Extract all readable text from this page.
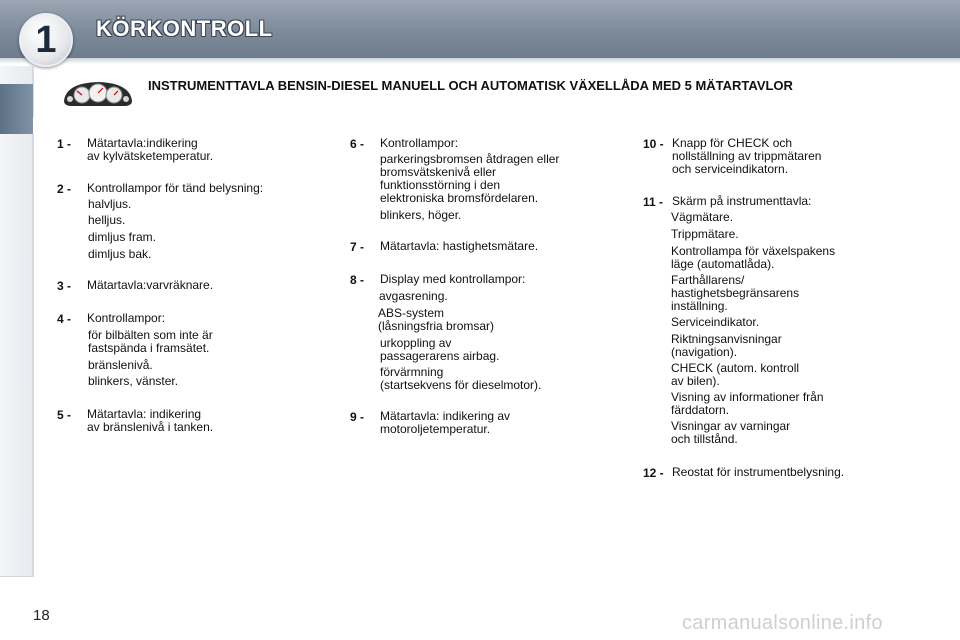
1 KÖRKONTROLL
INSTRUMENTTAVLA BENSIN-DIESEL MANUELL OCH AUTOMATISK VÄXELLÅDA MED 5 MÄTARTAVLOR
1 - Mätartavla:indikering
av kylvätsketemperatur.
2 - Kontrollampor för tänd belysning:
halvljus.
helljus.
dimljus fram.
dimljus bak.
3 - Mätartavla:varvräknare.
4 - Kontrollampor:
för bilbälten som inte är
fastspända i framsätet.
bränslenivå.
blinkers, vänster.
5 - Mätartavla: indikering
av bränslenivå i tanken.
6 - Kontrollampor:
parkeringsbromsen åtdragen eller
bromsvätskenivå eller
funktionsstörning i den
elektroniska bromsfördelaren.
blinkers, höger.
7 - Mätartavla: hastighetsmätare.
8 - Display med kontrollampor:
avgasrening.
ABS-system
(låsningsfria bromsar)
urkoppling av
passagerarens airbag.
förvärmning
(startsekvens för dieselmotor).
9 - Mätartavla: indikering av
motoroljetemperatur.
10 - Knapp för CHECK och
nollställning av trippmätaren
och serviceindikatorn.
11 - Skärm på instrumenttavla:
Vägmätare.
Trippmätare.
Kontrollampa för växelspakens
läge (automatlåda).
Farthållarens/
hastighetsbegränsarens
inställning.
Serviceindikator.
Riktningsanvisningar
(navigation).
CHECK (autom. kontroll
av bilen).
Visning av informationer från
färddatorn.
Visningar av varningar
och tillstånd.
12 - Reostat för instrumentbelysning.
18	carmanualsonline.info
